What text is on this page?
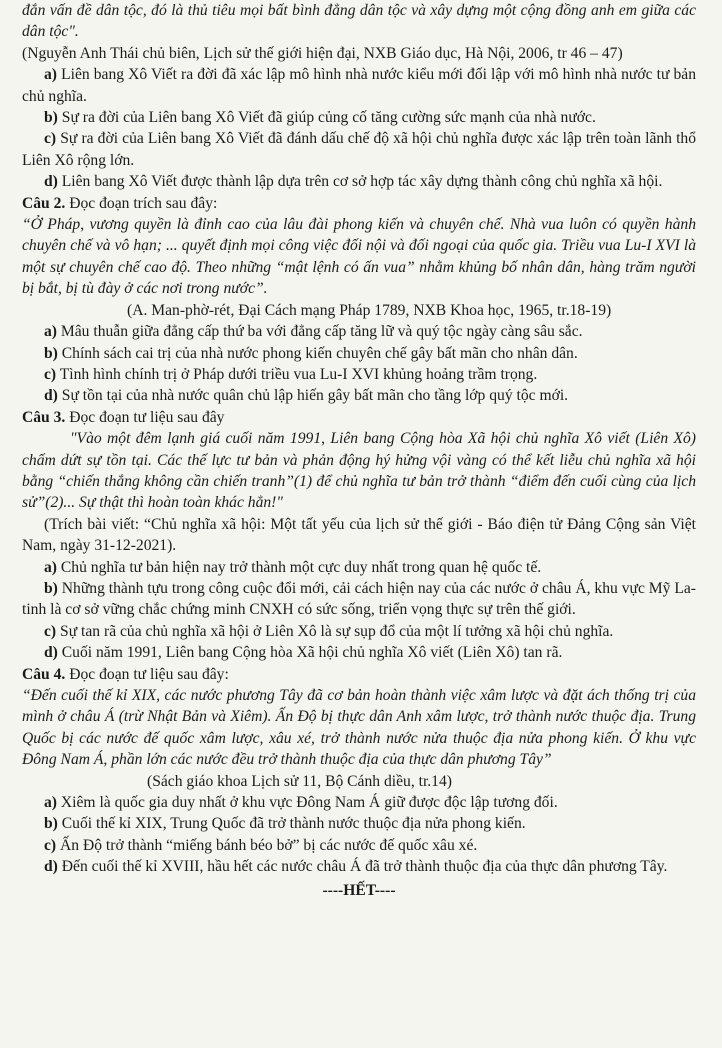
đắn vấn đề dân tộc, đó là thủ tiêu mọi bất bình đẳng dân tộc và xây dựng một cộng đồng anh em giữa các dân tộc".

(Nguyễn Anh Thái chủ biên, Lịch sử thế giới hiện đại, NXB Giáo dục, Hà Nội, 2006, tr 46 – 47)

a) Liên bang Xô Viết ra đời đã xác lập mô hình nhà nước kiểu mới đối lập với mô hình nhà nước tư bản chủ nghĩa.

b) Sự ra đời của Liên bang Xô Viết đã giúp củng cố tăng cường sức mạnh của nhà nước.

c) Sự ra đời của Liên bang Xô Viết đã đánh dấu chế độ xã hội chủ nghĩa được xác lập trên toàn lãnh thổ Liên Xô rộng lớn.

d) Liên bang Xô Viết được thành lập dựa trên cơ sở hợp tác xây dựng thành công chủ nghĩa xã hội.

Câu 2. Đọc đoạn trích sau đây:

“Ở Pháp, vương quyền là đỉnh cao của lâu đài phong kiến và chuyên chế. Nhà vua luôn có quyền hành chuyên chế và vô hạn; ... quyết định mọi công việc đối nội và đối ngoại của quốc gia. Triều vua Lu-I XVI là một sự chuyên chế cao độ. Theo những “mật lệnh có ấn vua” nhằm khủng bố nhân dân, hàng trăm người bị bắt, bị tù đày ở các nơi trong nước”.

(A. Man-phờ-rét, Đại Cách mạng Pháp 1789, NXB Khoa học, 1965, tr.18-19)

a) Mâu thuẫn giữa đẳng cấp thứ ba với đẳng cấp tăng lữ và quý tộc ngày càng sâu sắc.

b) Chính sách cai trị của nhà nước phong kiến chuyên chế gây bất mãn cho nhân dân.

c) Tình hình chính trị ở Pháp dưới triều vua Lu-I XVI khủng hoảng trầm trọng.

d) Sự tồn tại của nhà nước quân chủ lập hiến gây bất mãn cho tầng lớp quý tộc mới.

Câu 3. Đọc đoạn tư liệu sau đây

"Vào một đêm lạnh giá cuối năm 1991, Liên bang Cộng hòa Xã hội chủ nghĩa Xô viết (Liên Xô) chấm dứt sự tồn tại. Các thế lực tư bản và phản động hý hửng vội vàng có thể kết liễu chủ nghĩa xã hội bằng “chiến thắng không cần chiến tranh”(1) để chủ nghĩa tư bản trở thành “điểm đến cuối cùng của lịch sử”(2)... Sự thật thì hoàn toàn khác hẳn!"

(Trích bài viết: “Chủ nghĩa xã hội: Một tất yếu của lịch sử thế giới - Báo điện tử Đảng Cộng sản Việt Nam, ngày 31-12-2021).

a) Chủ nghĩa tư bản hiện nay trở thành một cực duy nhất trong quan hệ quốc tế.

b) Những thành tựu trong công cuộc đổi mới, cải cách hiện nay của các nước ở châu Á, khu vực Mỹ La-tinh là cơ sở vững chắc chứng minh CNXH có sức sống, triển vọng thực sự trên thế giới.

c) Sự tan rã của chủ nghĩa xã hội ở Liên Xô là sự sụp đổ của một lí tưởng xã hội chủ nghĩa.

d) Cuối năm 1991, Liên bang Cộng hòa Xã hội chủ nghĩa Xô viết (Liên Xô) tan rã.

Câu 4. Đọc đoạn tư liệu sau đây:

“Đến cuối thế kỉ XIX, các nước phương Tây đã cơ bản hoàn thành việc xâm lược và đặt ách thống trị của mình ở châu Á (trừ Nhật Bản và Xiêm). Ấn Độ bị thực dân Anh xâm lược, trở thành nước thuộc địa. Trung Quốc bị các nước đế quốc xâm lược, xâu xé, trở thành nước nửa thuộc địa nửa phong kiến. Ở khu vực Đông Nam Á, phần lớn các nước đều trở thành thuộc địa của thực dân phương Tây”

(Sách giáo khoa Lịch sử 11, Bộ Cánh diều, tr.14)

a) Xiêm là quốc gia duy nhất ở khu vực Đông Nam Á giữ được độc lập tương đối.

b) Cuối thế kỉ XIX, Trung Quốc đã trở thành nước thuộc địa nửa phong kiến.

c) Ấn Độ trở thành “miếng bánh béo bở” bị các nước đế quốc xâu xé.

d) Đến cuối thế kỉ XVIII, hầu hết các nước châu Á đã trở thành thuộc địa của thực dân phương Tây.

----HẾT----
